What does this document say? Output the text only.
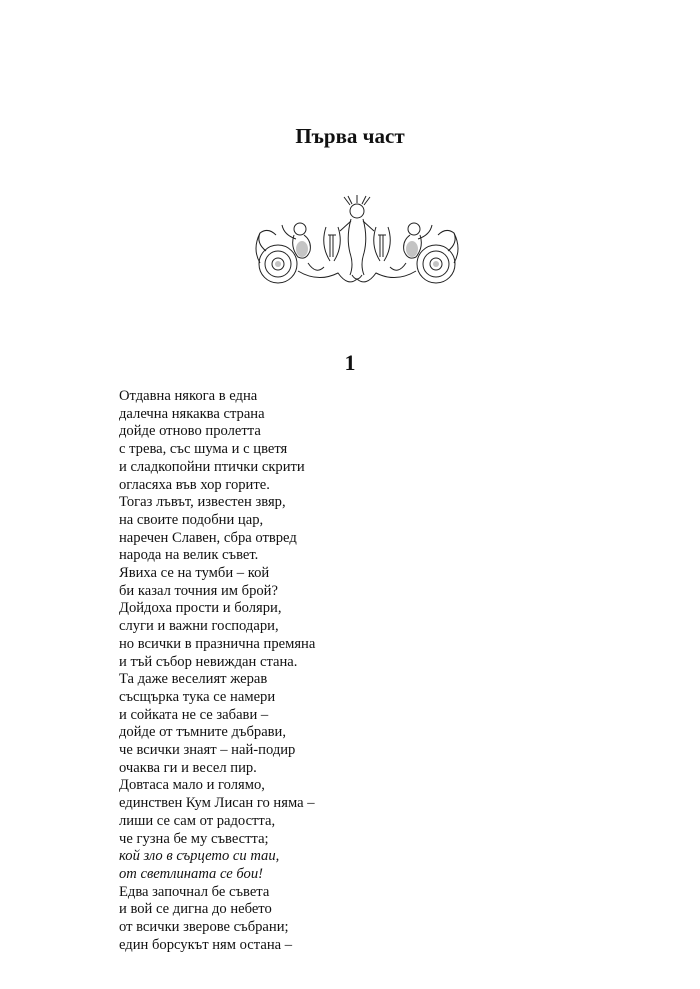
Първа част
1
Отдавна някога в една
далечна някаква страна
дойде отново пролетта
с трева, със шума и с цветя
и сладкопойни птички скрити
огласяха във хор горите.
Тогаз лъвът, известен звяр,
на своите подобни цар,
наречен Славен, сбра отвред
народа на велик съвет.
Явиха се на тумби – кой
би казал точния им брой?
Дойдоха прости и боляри,
слуги и важни господари,
но всички в празнична премяна
и тъй събор невиждан стана.
Та даже веселият жерав
съсщъркa тука се намери
и сойката не се забави –
дойде от тъмните дъбрави,
че всички знаят – най-подир
очаква ги и весел пир.
Довтаса мало и голямо,
единствен Кум Лисан го няма –
лиши се сам от радостта,
че гузна бе му съвестта;
кой зло в сърцето си таи,
от светлината се бои!
Едва започнал бе съвета
и вой се дигна до небето
от всички зверове събрани;
един борсукът ням остана –
